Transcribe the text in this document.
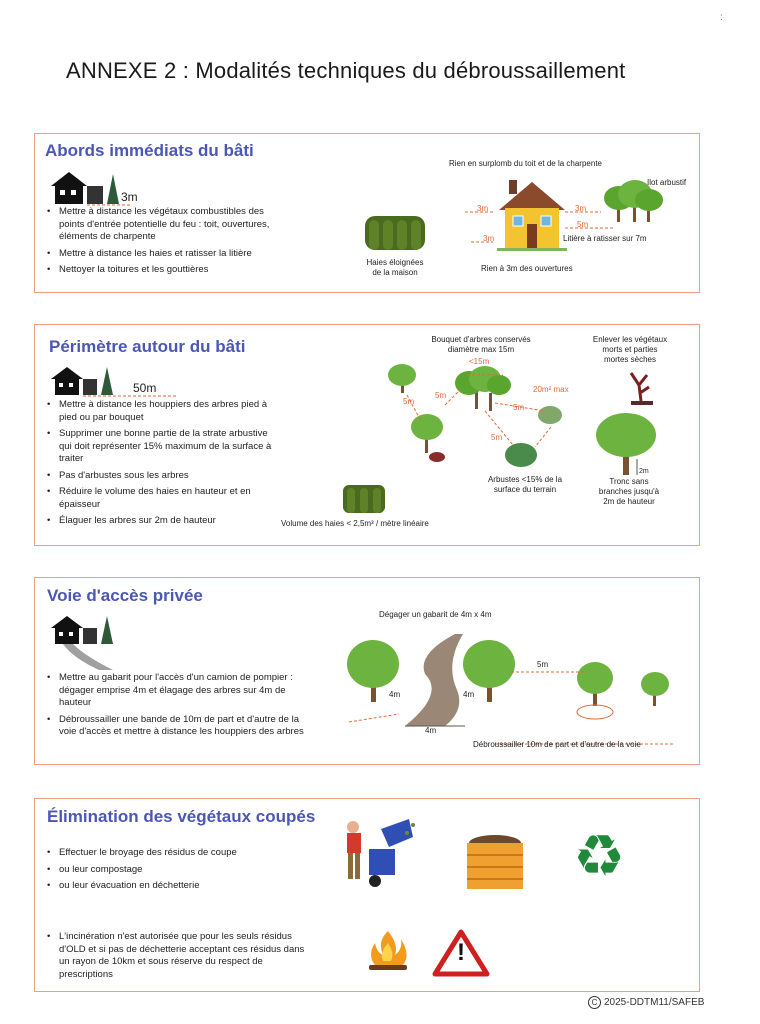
:
ANNEXE 2 : Modalités techniques du débroussaillement
Abords immédiats du bâti
3m
• Mettre à distance les végétaux combustibles des points d'entrée potentielle du feu : toit, ouvertures, éléments de charpente
• Mettre à distance les haies et ratisser la litière
• Nettoyer la toitures et les gouttières
Haies éloignées
de la maison
Rien en surplomb du toit et de la charpente
Ilot arbustif
3m	3m
3m
5m
Litière à ratisser sur 7m
Rien à 3m des ouvertures
Périmètre autour du bâti
50m
• Mettre à distance les houppiers des arbres pied à pied ou par bouquet
• Supprimer une bonne partie de la strate arbustive qui doit représenter 15% maximum de la surface à traiter
• Pas d'arbustes sous les arbres
• Réduire le volume des haies en hauteur et en épaisseur
• Élaguer les arbres sur 2m de hauteur
Bouquet d'arbres conservés
diamètre max 15m
<15m
Enlever les végétaux
morts et parties
mortes sèches
5m
5m
5m
5m
20m² max
Arbustes <15% de la
surface du terrain
2m
Tronc sans
branches jusqu'à
2m de hauteur
Volume des haies < 2,5m³ / mètre linéaire
Voie d'accès privée
• Mettre au gabarit pour l'accès d'un camion de pompier : dégager emprise 4m et élagage des arbres sur 4m de hauteur
• Débroussailler une bande de 10m de part et d'autre de la voie d'accès et mettre à distance les houppiers des arbres
Dégager un gabarit de 4m x 4m
4m	4m
4m
5m
Débroussailler 10m de part et d'autre de la voie
Élimination des végétaux coupés
• Effectuer le broyage des résidus de coupe
• ou leur compostage
• ou leur évacuation en déchetterie
• L'incinération n'est autorisée que pour les seuls résidus d'OLD et si pas de déchetterie acceptant ces résidus dans un rayon de 10km et sous réserve du respect de prescriptions
♻
!
C 2025-DDTM11/SAFEB
